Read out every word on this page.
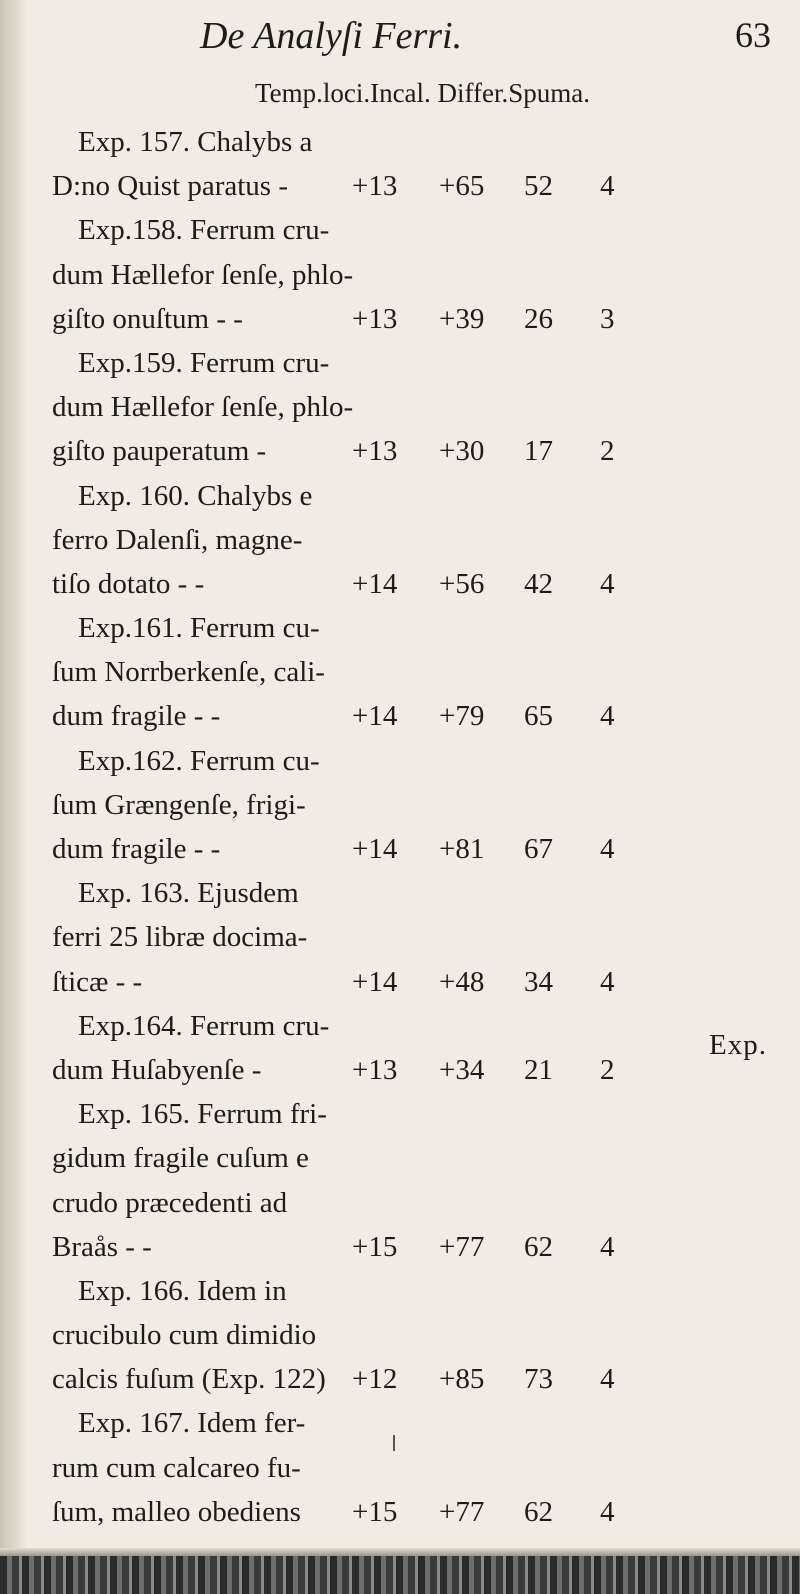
De Analyſi Ferri.	63
Temp.loci.Incal. Differ.Spuma.
Exp. 157. Chalybs a
D:no Quist paratus - +13 +65 52 4
Exp.158. Ferrum cru-
dum Hællefor ſenſe, phlo-
giſto onuſtum - -	+13 +39 26 3
Exp.159. Ferrum cru-
dum Hællefor ſenſe, phlo-
giſto pauperatum -	+13 +30 17 2
Exp. 160. Chalybs e
ferro Dalenſi, magne-
tiſo dotato - -	+14 +56 42 4
Exp.161. Ferrum cu-
ſum Norrberkenſe, cali-
dum fragile - -	+14 +79 65 4
Exp.162. Ferrum cu-
ſum Grængenſe, frigi-
dum fragile - -	+14 +81 67 4
Exp. 163. Ejusdem
ferri 25 libræ docima-
ſticæ - -	+14 +48 34 4
Exp.164. Ferrum cru-
dum Huſabyenſe -	+13 +34 21 2
Exp. 165. Ferrum fri-
gidum fragile cuſum e
crudo præcedenti ad
Braås - -	+15 +77 62 4
Exp. 166. Idem in
crucibulo cum dimidio
calcis fuſum (Exp. 122) +12 +85 73 4
Exp. 167. Idem fer-
rum cum calcareo fu-
ſum, malleo obediens +15 +77 62 4
Exp.
